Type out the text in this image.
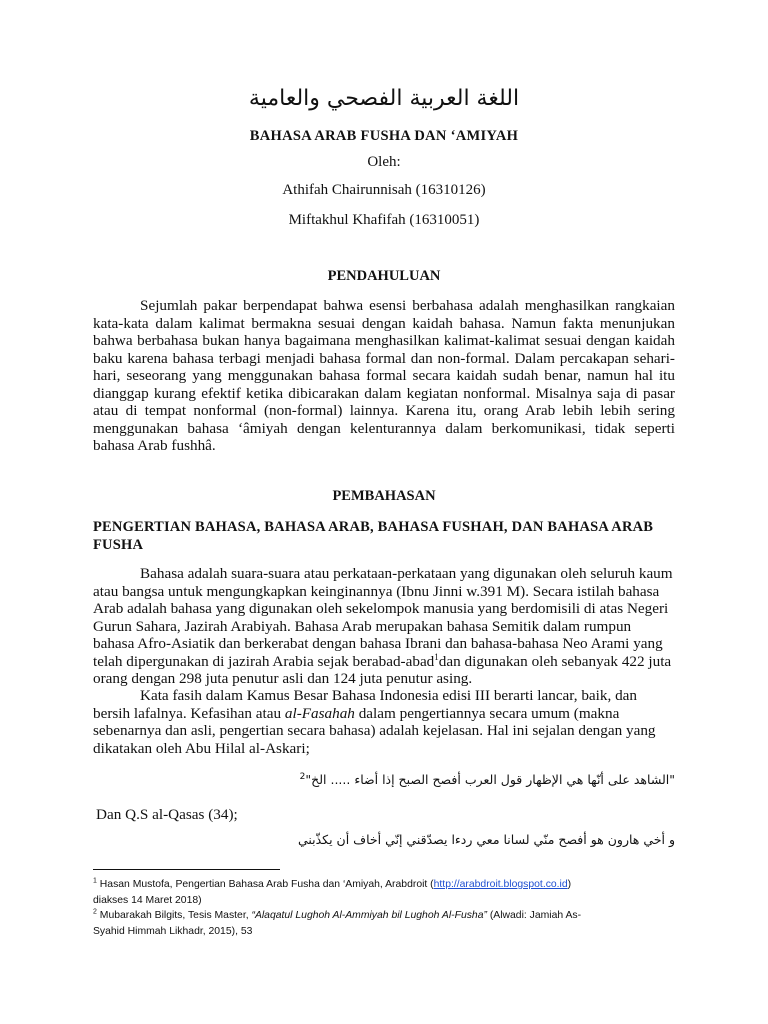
اللغة العربية الفصحي والعامية
BAHASA ARAB FUSHA DAN ‘AMIYAH
Oleh:
Athifah Chairunnisah (16310126)
Miftakhul Khafifah (16310051)
PENDAHULUAN
Sejumlah pakar berpendapat bahwa esensi berbahasa adalah menghasilkan rangkaian kata-kata dalam kalimat bermakna sesuai dengan kaidah bahasa. Namun fakta menunjukan bahwa berbahasa bukan hanya bagaimana menghasilkan kalimat-kalimat sesuai dengan kaidah baku karena bahasa terbagi menjadi bahasa formal dan non-formal. Dalam percakapan sehari-hari, seseorang yang menggunakan bahasa formal secara kaidah sudah benar, namun hal itu dianggap kurang efektif ketika dibicarakan dalam kegiatan nonformal. Misalnya saja di pasar atau di tempat nonformal (non-formal) lainnya. Karena itu, orang Arab lebih lebih sering menggunakan bahasa ‘âmiyah dengan kelenturannya dalam berkomunikasi, tidak seperti bahasa Arab fushhâ.
PEMBAHASAN
PENGERTIAN BAHASA, BAHASA ARAB, BAHASA FUSHAH, DAN BAHASA ARAB FUSHA
Bahasa adalah suara-suara atau perkataan-perkataan yang digunakan oleh seluruh kaum atau bangsa untuk mengungkapkan keinginannya (Ibnu Jinni w.391 M). Secara istilah bahasa Arab adalah bahasa yang digunakan oleh sekelompok manusia yang berdomisili di atas Negeri Gurun Sahara, Jazirah Arabiyah. Bahasa Arab merupakan bahasa Semitik dalam rumpun bahasa Afro-Asiatik dan berkerabat dengan bahasa Ibrani dan bahasa-bahasa Neo Arami yang telah dipergunakan di jazirah Arabia sejak berabad-abad$^1$dan digunakan oleh sebanyak 422 juta orang dengan 298 juta penutur asli dan 124 juta penutur asing.
Kata fasih dalam Kamus Besar Bahasa Indonesia edisi III berarti lancar, baik, dan bersih lafalnya. Kefasihan atau al-Fasahah dalam pengertiannya secara umum (makna sebenarnya dan asli, pengertian secara bahasa) adalah kejelasan. Hal ini sejalan dengan yang dikatakan oleh Abu Hilal al-Askari;
"الشاهد على أنّها هي الإظهار قول العرب أفصح الصبح إذا أضاء ..... الخ"$^2$
Dan Q.S al-Qasas (34);
و أخي هارون هو أفصح منّي لسانا معي ردءا يصدّقني إنّي أخاف أن يكذّبني
$^1$ Hasan Mustofa, Pengertian Bahasa Arab Fusha dan ‘Amiyah, Arabdroit (http://arabdroit.blogspot.co.id)
diakses 14 Maret 2018)
$^2$ Mubarakah Bilgits, Tesis Master, “Alaqatul Lughoh Al-Ammiyah bil Lughoh Al-Fusha” (Alwadi: Jamiah As-
Syahid Himmah Likhadr, 2015), 53
